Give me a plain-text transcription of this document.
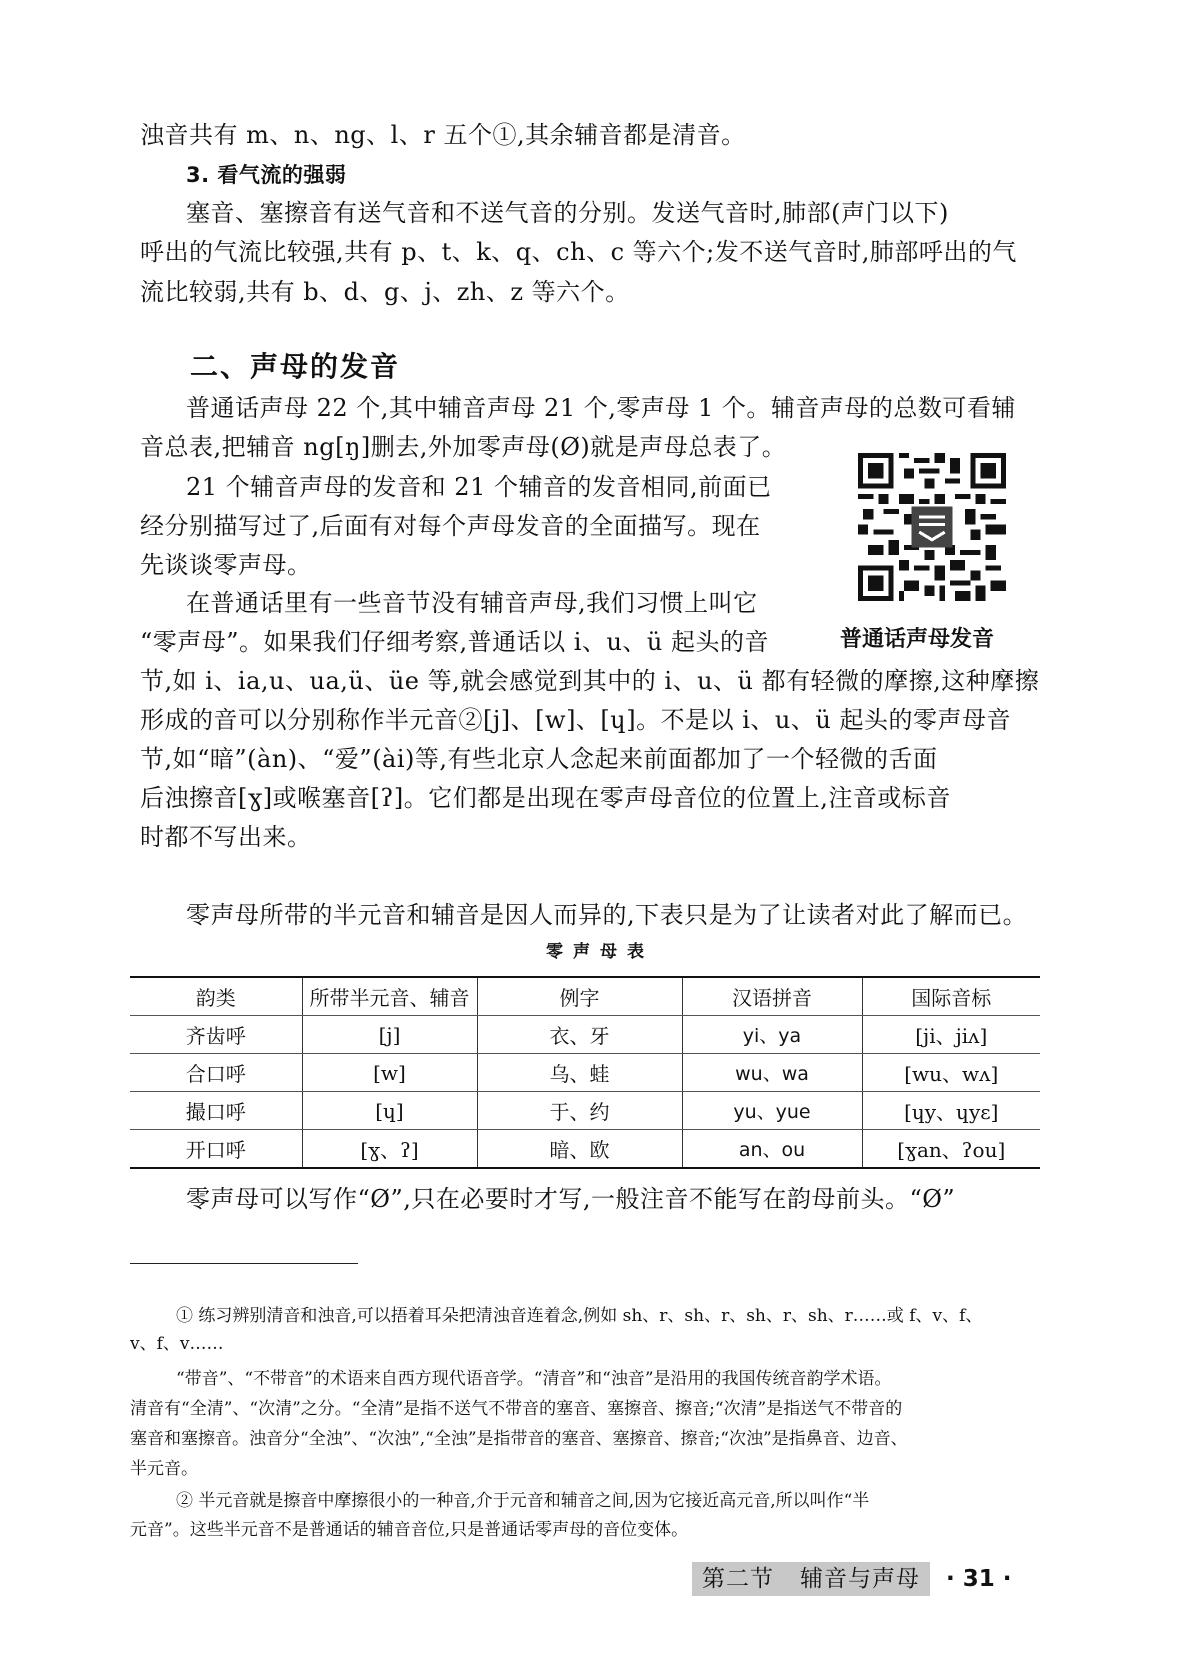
浊音共有 m、n、ng、l、r 五个①,其余辅音都是清音。
3. 看气流的强弱
塞音、塞擦音有送气音和不送气音的分别。发送气音时,肺部(声门以下)
呼出的气流比较强,共有 p、t、k、q、ch、c 等六个;发不送气音时,肺部呼出的气
流比较弱,共有 b、d、g、j、zh、z 等六个。
二、声母的发音
普通话声母 22 个,其中辅音声母 21 个,零声母 1 个。辅音声母的总数可看辅
音总表,把辅音 ng[ŋ]删去,外加零声母(Ø)就是声母总表了。
21 个辅音声母的发音和 21 个辅音的发音相同,前面已
经分别描写过了,后面有对每个声母发音的全面描写。现在
先谈谈零声母。
在普通话里有一些音节没有辅音声母,我们习惯上叫它
“零声母”。如果我们仔细考察,普通话以 i、u、ü 起头的音
节,如 i、ia,u、ua,ü、üe 等,就会感觉到其中的 i、u、ü 都有轻微的摩擦,这种摩擦
形成的音可以分别称作半元音②[j]、[w]、[ɥ]。不是以 i、u、ü 起头的零声母音
节,如“暗”(àn)、“爱”(ài)等,有些北京人念起来前面都加了一个轻微的舌面
后浊擦音[ɣ]或喉塞音[ʔ]。它们都是出现在零声母音位的位置上,注音或标音
时都不写出来。
零声母所带的半元音和辅音是因人而异的,下表只是为了让读者对此了解而已。
普通话声母发音
零声母表
韵类	所带半元音、辅音	例字	汉语拼音	国际音标
齐齿呼	[j]	衣、牙	yi、ya	[ji、jiʌ]
合口呼	[w]	乌、蛙	wu、wa	[wu、wʌ]
撮口呼	[ɥ]	于、约	yu、yue	[ɥy、ɥyɛ]
开口呼	[ɣ、ʔ]	暗、欧	an、ou	[ɣan、ʔou]
零声母可以写作“Ø”,只在必要时才写,一般注音不能写在韵母前头。“Ø”
① 练习辨别清音和浊音,可以捂着耳朵把清浊音连着念,例如 sh、r、sh、r、sh、r、sh、r……或 f、v、f、
v、f、v……
“带音”、“不带音”的术语来自西方现代语音学。“清音”和“浊音”是沿用的我国传统音韵学术语。
清音有“全清”、“次清”之分。“全清”是指不送气不带音的塞音、塞擦音、擦音;“次清”是指送气不带音的
塞音和塞擦音。浊音分“全浊”、“次浊”,“全浊”是指带音的塞音、塞擦音、擦音;“次浊”是指鼻音、边音、
半元音。
② 半元音就是擦音中摩擦很小的一种音,介于元音和辅音之间,因为它接近高元音,所以叫作“半
元音”。这些半元音不是普通话的辅音音位,只是普通话零声母的音位变体。
第二节 辅音与声母	· 31 ·
